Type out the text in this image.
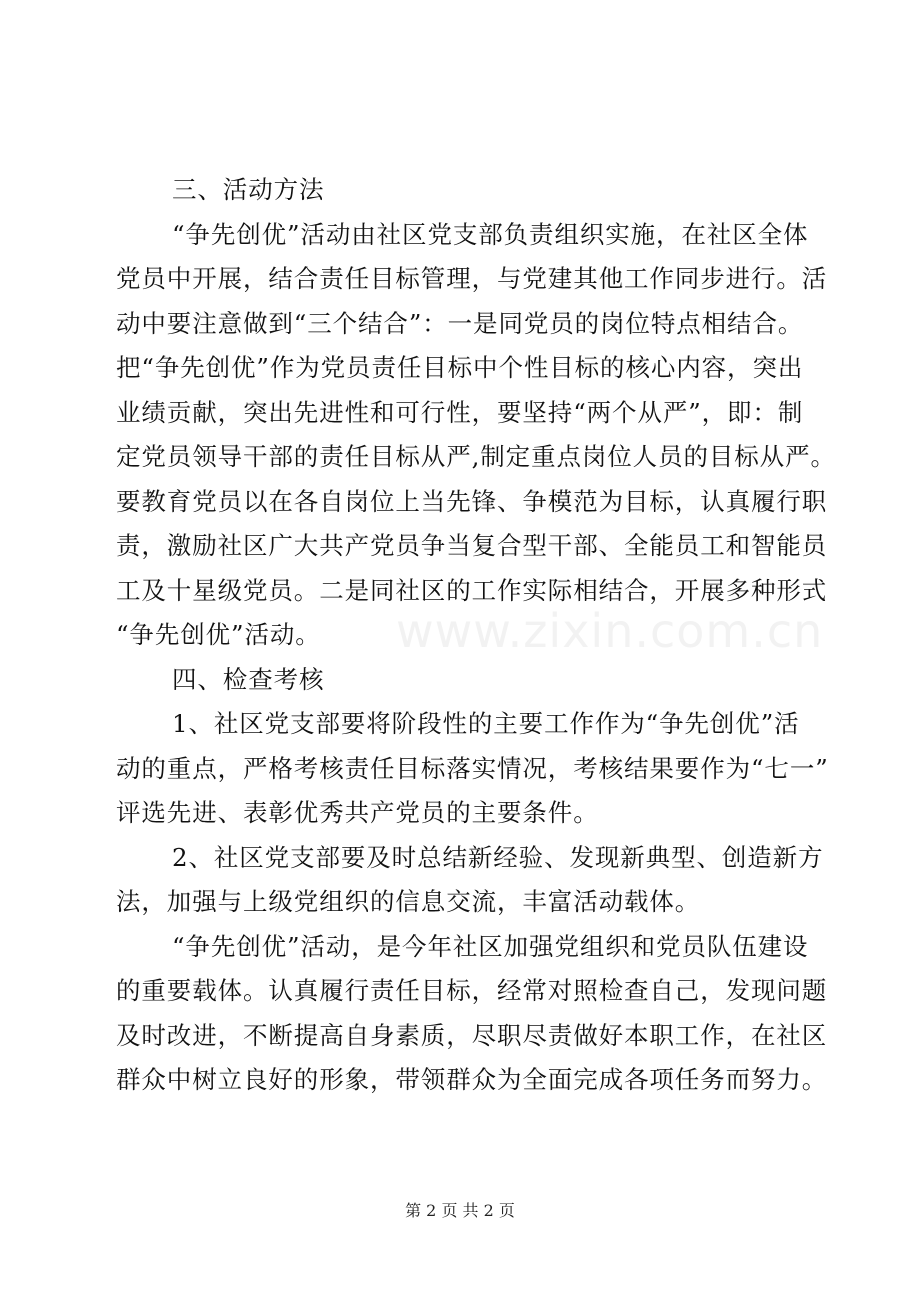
www.zixin.com.cn
三、活动方法
“争先创优”活动由社区党支部负责组织实施，在社区全体
党员中开展，结合责任目标管理，与党建其他工作同步进行。活
动中要注意做到“三个结合”：一是同党员的岗位特点相结合。
把“争先创优”作为党员责任目标中个性目标的核心内容，突出
业绩贡献，突出先进性和可行性，要坚持“两个从严”，即：制
定党员领导干部的责任目标从严,制定重点岗位人员的目标从严。
要教育党员以在各自岗位上当先锋、争模范为目标，认真履行职
责，激励社区广大共产党员争当复合型干部、全能员工和智能员
工及十星级党员。二是同社区的工作实际相结合，开展多种形式
“争先创优”活动。
四、检查考核
1、社区党支部要将阶段性的主要工作作为“争先创优”活
动的重点，严格考核责任目标落实情况，考核结果要作为“七一”
评选先进、表彰优秀共产党员的主要条件。
2、社区党支部要及时总结新经验、发现新典型、创造新方
法，加强与上级党组织的信息交流，丰富活动载体。
“争先创优”活动，是今年社区加强党组织和党员队伍建设
的重要载体。认真履行责任目标，经常对照检查自己，发现问题
及时改进，不断提高自身素质，尽职尽责做好本职工作，在社区
群众中树立良好的形象，带领群众为全面完成各项任务而努力。
第 2 页 共 2 页
